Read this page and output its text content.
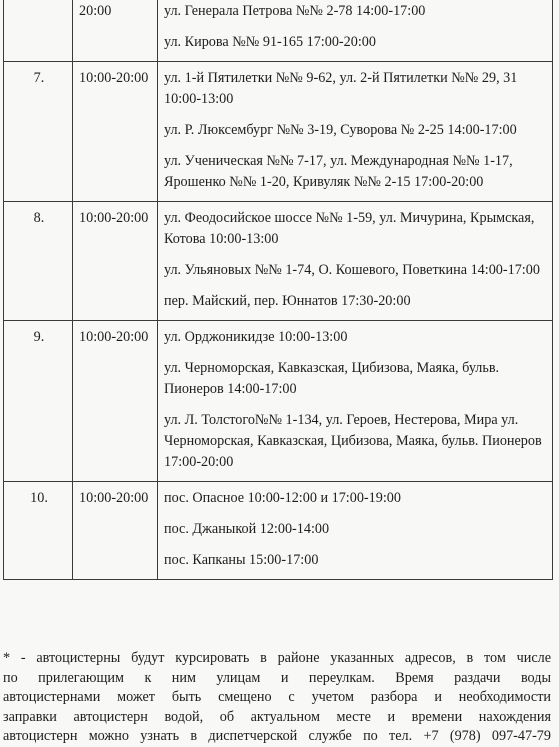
	20:00	ул. Генерала Петрова №№ 2-78 14:00-17:00
ул. Кирова №№ 91-165 17:00-20:00

7.	10:00-20:00	ул. 1-й Пятилетки №№ 9-62, ул. 2-й Пятилетки №№ 29, 31 10:00-13:00
ул. Р. Люксембург №№ 3-19, Суворова № 2-25 14:00-17:00
ул. Ученическая №№ 7-17, ул. Международная №№ 1-17, Ярошенко №№ 1-20, Кривуляк №№ 2-15 17:00-20:00

8.	10:00-20:00	ул. Феодосийское шоссе №№ 1-59, ул. Мичурина, Крымская, Котова 10:00-13:00
ул. Ульяновых №№ 1-74, О. Кошевого, Поветкина 14:00-17:00
пер. Майский, пер. Юннатов 17:30-20:00

9.	10:00-20:00	ул. Орджоникидзе 10:00-13:00
ул. Черноморская, Кавказская, Цибизова, Маяка, бульв. Пионеров 14:00-17:00
ул. Л. Толстого№№ 1-134, ул. Героев, Нестерова, Мира ул. Черноморская, Кавказская, Цибизова, Маяка, бульв. Пионеров 17:00-20:00

10.	10:00-20:00	пос. Опасное 10:00-12:00 и 17:00-19:00
пос. Джаныкой 12:00-14:00
пос. Капканы 15:00-17:00
* - автоцистерны будут курсировать в районе указанных адресов, в том числе
по прилегающим к ним улицам и переулкам. Время раздачи воды
автоцистернами может быть смещено с учетом разбора и необходимости
заправки автоцистерн водой, об актуальном месте и времени нахождения
автоцистерн можно узнать в диспетчерской службе по тел. +7 (978) 097-47-79
